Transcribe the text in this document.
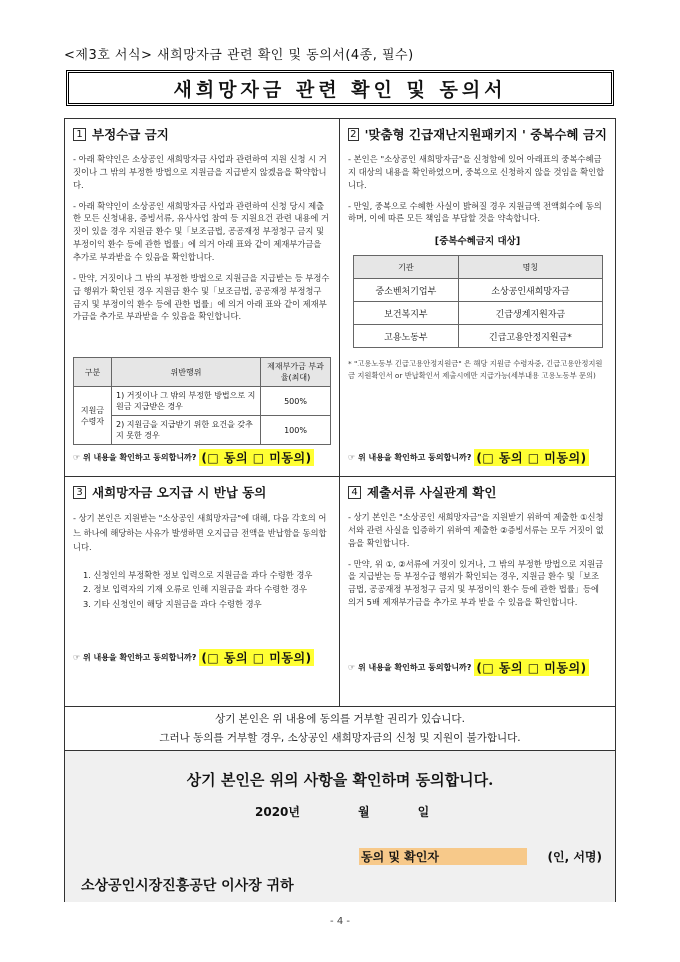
<제3호 서식> 새희망자금 관련 확인 및 동의서(4종, 필수)
새희망자금 관련 확인 및 동의서
1 부정수급 금지

- 아래 확약인은 소상공인 새희망자금 사업과 관련하여 지원 신청 시 거짓이나 그 밖의 부정한 방법으로 지원금을 지급받지 않겠음을 확약합니다.

- 아래 확약인이 소상공인 새희망자금 사업과 관련하여 신청 당시 제출한 모든 신청내용, 증빙서류, 유사사업 참여 등 지원요건 관련 내용에 거짓이 있을 경우 지원금 환수 및「보조금법, 공공재정 부정청구 금지 및 부정이익 환수 등에 관한 법률」에 의거 아래 표와 같이 제재부가금을 추가로 부과받을 수 있음을 확인합니다.

- 만약, 거짓이나 그 밖의 부정한 방법으로 지원금을 지급받는 등 부정수급 행위가 확인된 경우 지원금 환수 및「보조금법, 공공재정 부정청구 금지 및 부정이익 환수 등에 관한 법률」에 의거 아래 표와 같이 제재부가금을 추가로 부과받을 수 있음을 확인합니다.

구분	위반행위	제재부가금 부과율(최대)
지원금 수령자	1) 거짓이나 그 밖의 부정한 방법으로 지원금 지급받은 경우	500%
	2) 지원금을 지급받기 위한 요건을 갖추지 못한 경우	100%
☞ 위 내용을 확인하고 동의합니까? (□ 동의 □ 미동의)
2 '맞춤형 긴급재난지원패키지 ' 중복수혜 금지

- 본인은 "소상공인 새희망자금"을 신청함에 있어 아래표의 중복수혜금지 대상의 내용을 확인하였으며, 중복으로 신청하지 않을 것임을 확인합니다.

- 만일, 중복으로 수혜한 사실이 밝혀질 경우 지원금액 전액회수에 동의하며, 이에 따른 모든 책임을 부담할 것을 약속합니다.

[중복수혜금지 대상]
기관	명칭
중소벤처기업부	소상공인새희망자금
보건복지부	긴급생계지원자금
고용노동부	긴급고용안정지원금*

* "고용노동부 긴급고용안정지원금" 은 해당 지원금 수령자중, 긴급고용안정지원금 지원확인서 or 반납확인서 제출시에만 지급가능(세부내용 고용노동부 문의)

☞ 위 내용을 확인하고 동의합니까? (□ 동의 □ 미동의)
3 새희망자금 오지급 시 반납 동의

- 상기 본인은 지원받는 "소상공인 새희망자금"에 대해, 다음 각호의 어느 하나에 해당하는 사유가 발생하면 오지급금 전액을 반납함을 동의합니다.

1. 신청인의 부정확한 정보 입력으로 지원금을 과다 수령한 경우

2. 정보 입력자의 기재 오류로 인해 지원금을 과다 수령한 경우

3. 기타 신청인이 해당 지원금을 과다 수령한 경우

☞ 위 내용을 확인하고 동의합니까? (□ 동의 □ 미동의)
4 제출서류 사실관계 확인

- 상기 본인은 "소상공인 새희망자금"을 지원받기 위하여 제출한 ①신청서와 관련 사실을 입증하기 위하여 제출한 ②증빙서류는 모두 거짓이 없음을 확인합니다.

- 만약, 위 ①, ②서류에 거짓이 있거나, 그 밖의 부정한 방법으로 지원금을 지급받는 등 부정수급 행위가 확인되는 경우, 지원금 환수 및「보조금법, 공공재정 부정청구 금지 및 부정이익 환수 등에 관한 법률」등에 의거 5배 제재부가금을 추가로 부과 받을 수 있음을 확인합니다.

☞ 위 내용을 확인하고 동의합니까? (□ 동의 □ 미동의)
상기 본인은 위 내용에 동의를 거부할 권리가 있습니다.
그러나 동의를 거부할 경우, 소상공인 새희망자금의 신청 및 지원이 불가합니다.
상기 본인은 위의 사항을 확인하며 동의합니다.
2020년	월	일
동의 및 확인자	(인, 서명)
소상공인시장진흥공단 이사장 귀하
- 4 -
